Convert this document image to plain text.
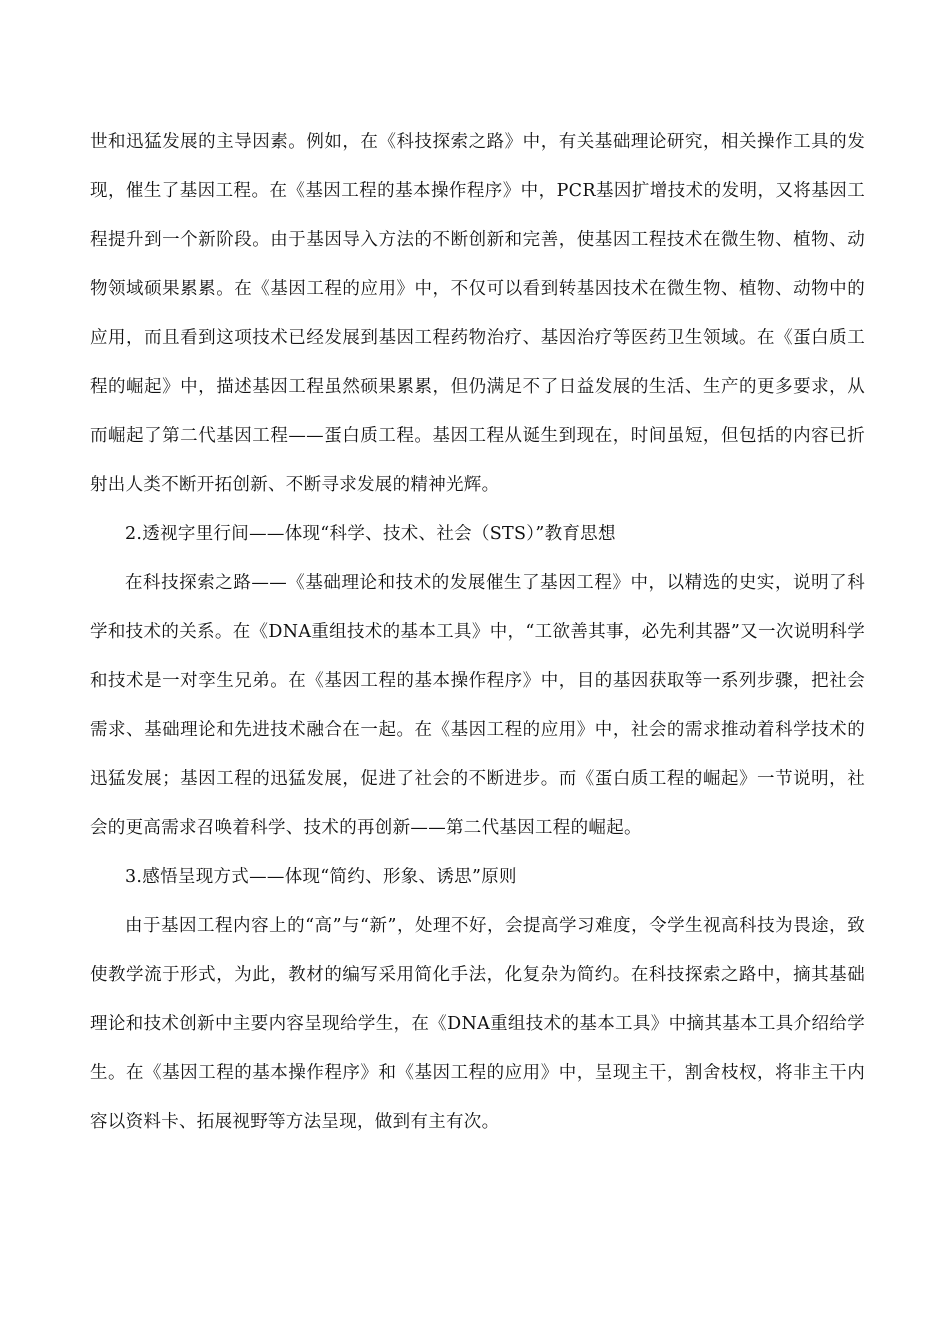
世和迅猛发展的主导因素。例如，在《科技探索之路》中，有关基础理论研究，相关操作工具的发现，催生了基因工程。在《基因工程的基本操作程序》中，PCR基因扩增技术的发明，又将基因工程提升到一个新阶段。由于基因导入方法的不断创新和完善，使基因工程技术在微生物、植物、动物领域硕果累累。在《基因工程的应用》中，不仅可以看到转基因技术在微生物、植物、动物中的应用，而且看到这项技术已经发展到基因工程药物治疗、基因治疗等医药卫生领域。在《蛋白质工程的崛起》中，描述基因工程虽然硕果累累，但仍满足不了日益发展的生活、生产的更多要求，从而崛起了第二代基因工程——蛋白质工程。基因工程从诞生到现在，时间虽短，但包括的内容已折射出人类不断开拓创新、不断寻求发展的精神光辉。

2.透视字里行间——体现“科学、技术、社会（STS）”教育思想

在科技探索之路——《基础理论和技术的发展催生了基因工程》中，以精选的史实，说明了科学和技术的关系。在《DNA重组技术的基本工具》中，“工欲善其事，必先利其器”又一次说明科学和技术是一对孪生兄弟。在《基因工程的基本操作程序》中，目的基因获取等一系列步骤，把社会需求、基础理论和先进技术融合在一起。在《基因工程的应用》中，社会的需求推动着科学技术的迅猛发展；基因工程的迅猛发展，促进了社会的不断进步。而《蛋白质工程的崛起》一节说明，社会的更高需求召唤着科学、技术的再创新——第二代基因工程的崛起。

3.感悟呈现方式——体现“简约、形象、诱思”原则

由于基因工程内容上的“高”与“新”，处理不好，会提高学习难度，令学生视高科技为畏途，致使教学流于形式，为此，教材的编写采用简化手法，化复杂为简约。在科技探索之路中，摘其基础理论和技术创新中主要内容呈现给学生，在《DNA重组技术的基本工具》中摘其基本工具介绍给学生。在《基因工程的基本操作程序》和《基因工程的应用》中，呈现主干，割舍枝杈，将非主干内容以资料卡、拓展视野等方法呈现，做到有主有次。
